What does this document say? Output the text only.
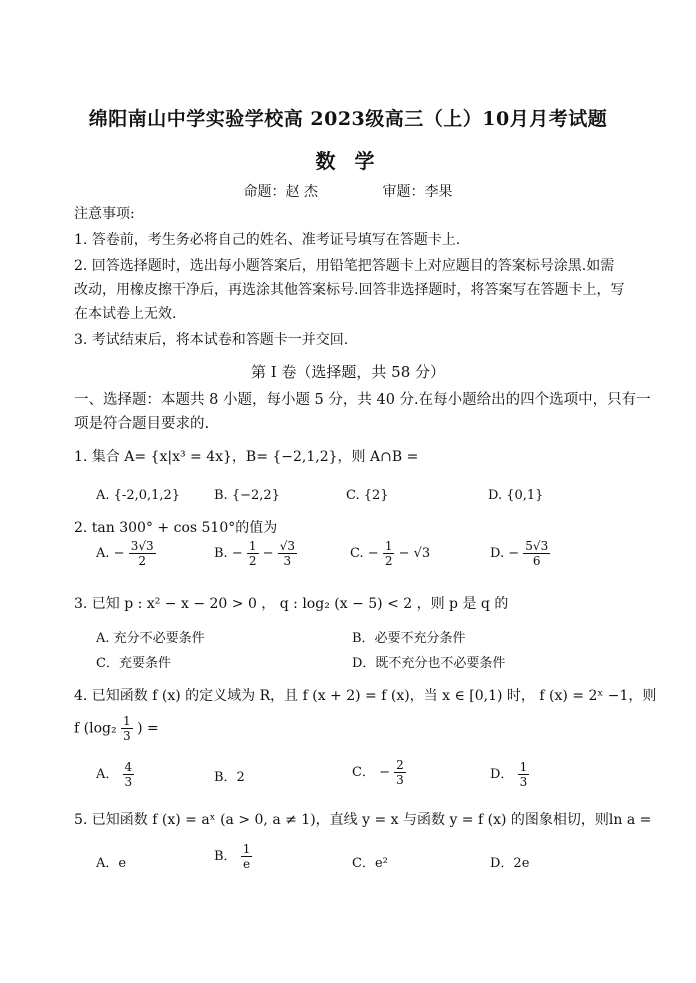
绵阳南山中学实验学校高 2023级高三（上）10月月考试题
数 学
命题：赵 杰	审题：李果
注意事项:
1. 答卷前，考生务必将自己的姓名、准考证号填写在答题卡上.
2. 回答选择题时，选出每小题答案后，用铅笔把答题卡上对应题目的答案标号涂黑.如需
改动，用橡皮擦干净后，再选涂其他答案标号.回答非选择题时，将答案写在答题卡上，写
在本试卷上无效.
3. 考试结束后，将本试卷和答题卡一并交回.
第 I 卷（选择题，共 58 分）
一、选择题：本题共 8 小题，每小题 5 分，共 40 分.在每小题给出的四个选项中，只有一
项是符合题目要求的.
1. 集合 A= {x|x³ = 4x}，B= {−2,1,2}，则 A∩B =
A. {-2,0,1,2}	B. {−2,2}	C. {2}	D. {0,1}
2. tan 300° + cos 510°的值为
A. − $\frac{3√3}{2}$	B. − $\frac{1}{2} - \frac{√3}{3}$	C. − $\frac{1}{2} - √3$	D. − $\frac{5√3}{6}$
3. 已知 p : x² − x − 20 > 0 ， q : log₂ (x − 5) < 2 ，则 p 是 q 的
A. 充分不必要条件	B．必要不充分条件
C．充要条件	D．既不充分也不必要条件
4. 已知函数 f (x) 的定义域为 R，且 f (x + 2) = f (x)，当 x ∈ [0,1) 时， f (x) = 2ˣ −1，则
f ($\log_2 \frac{1}{3}$ ) =
A． $\frac{4}{3}$	B．2	C． − $\frac{2}{3}$	D． $\frac{1}{3}$
5. 已知函数 f (x) = aˣ (a > 0, a ≠ 1)，直线 y = x 与函数 y = f (x) 的图象相切，则ln a =
A．e	B． $\frac{1}{e}$	C．e²	D．2e
